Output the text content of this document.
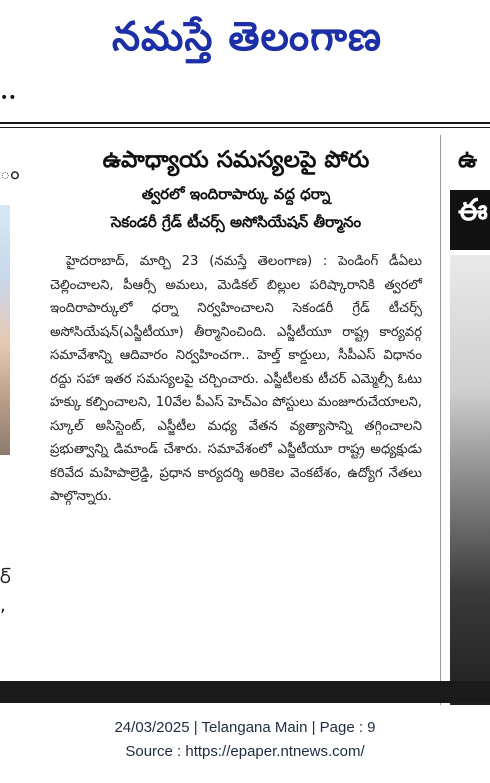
నమస్తే తెలంగాణ
••
ం
ర్
,
ఉపాధ్యాయ సమస్యలపై పోరు

త్వరలో ఇందిరాపార్కు వద్ద ధర్నా

సెకండరీ గ్రేడ్ టీచర్స్ అసోసియేషన్ తీర్మానం

హైదరాబాద్, మార్చి 23 (నమస్తే తెలంగాణ) : పెండింగ్ డీఏలు చెల్లించాలని, పీఆర్సీ అమలు, మెడికల్ బిల్లుల పరిష్కారానికి త్వరలో ఇందిరాపార్కులో ధర్నా నిర్వహించాలని సెకండరీ గ్రేడ్ టీచర్స్ అసోసియేషన్(ఎస్జీటీయూ) తీర్మానించింది. ఎస్జీటీయూ రాష్ట్ర కార్యవర్గ సమావేశాన్ని ఆదివారం నిర్వహించగా.. హెల్త్ కార్డులు, సీపీఎస్ విధానం రద్దు సహా ఇతర సమస్యలపై చర్చించారు. ఎస్జీటీలకు టీచర్ ఎమ్మెల్సీ ఓటు హక్కు కల్పించాలని, 10వేల పీఎస్ హెచ్ఎం పోస్టులు మంజూరుచేయాలని, స్కూల్ అసిస్టెంట్, ఎస్జీటీల మధ్య వేతన వ్యత్యాసాన్ని తగ్గించాలని ప్రభుత్వాన్ని డిమాండ్ చేశారు. సమావేశంలో ఎస్జీటీయూ రాష్ట్ర అధ్యక్షుడు కరివేద మహిపాల్రెడ్డి, ప్రధాన కార్యదర్శి అరికెల వెంకటేశం, ఉద్యోగ నేతలు పాల్గొన్నారు.

ఉ
ఈ
24/03/2025 | Telangana Main | Page : 9
Source : https://epaper.ntnews.com/
